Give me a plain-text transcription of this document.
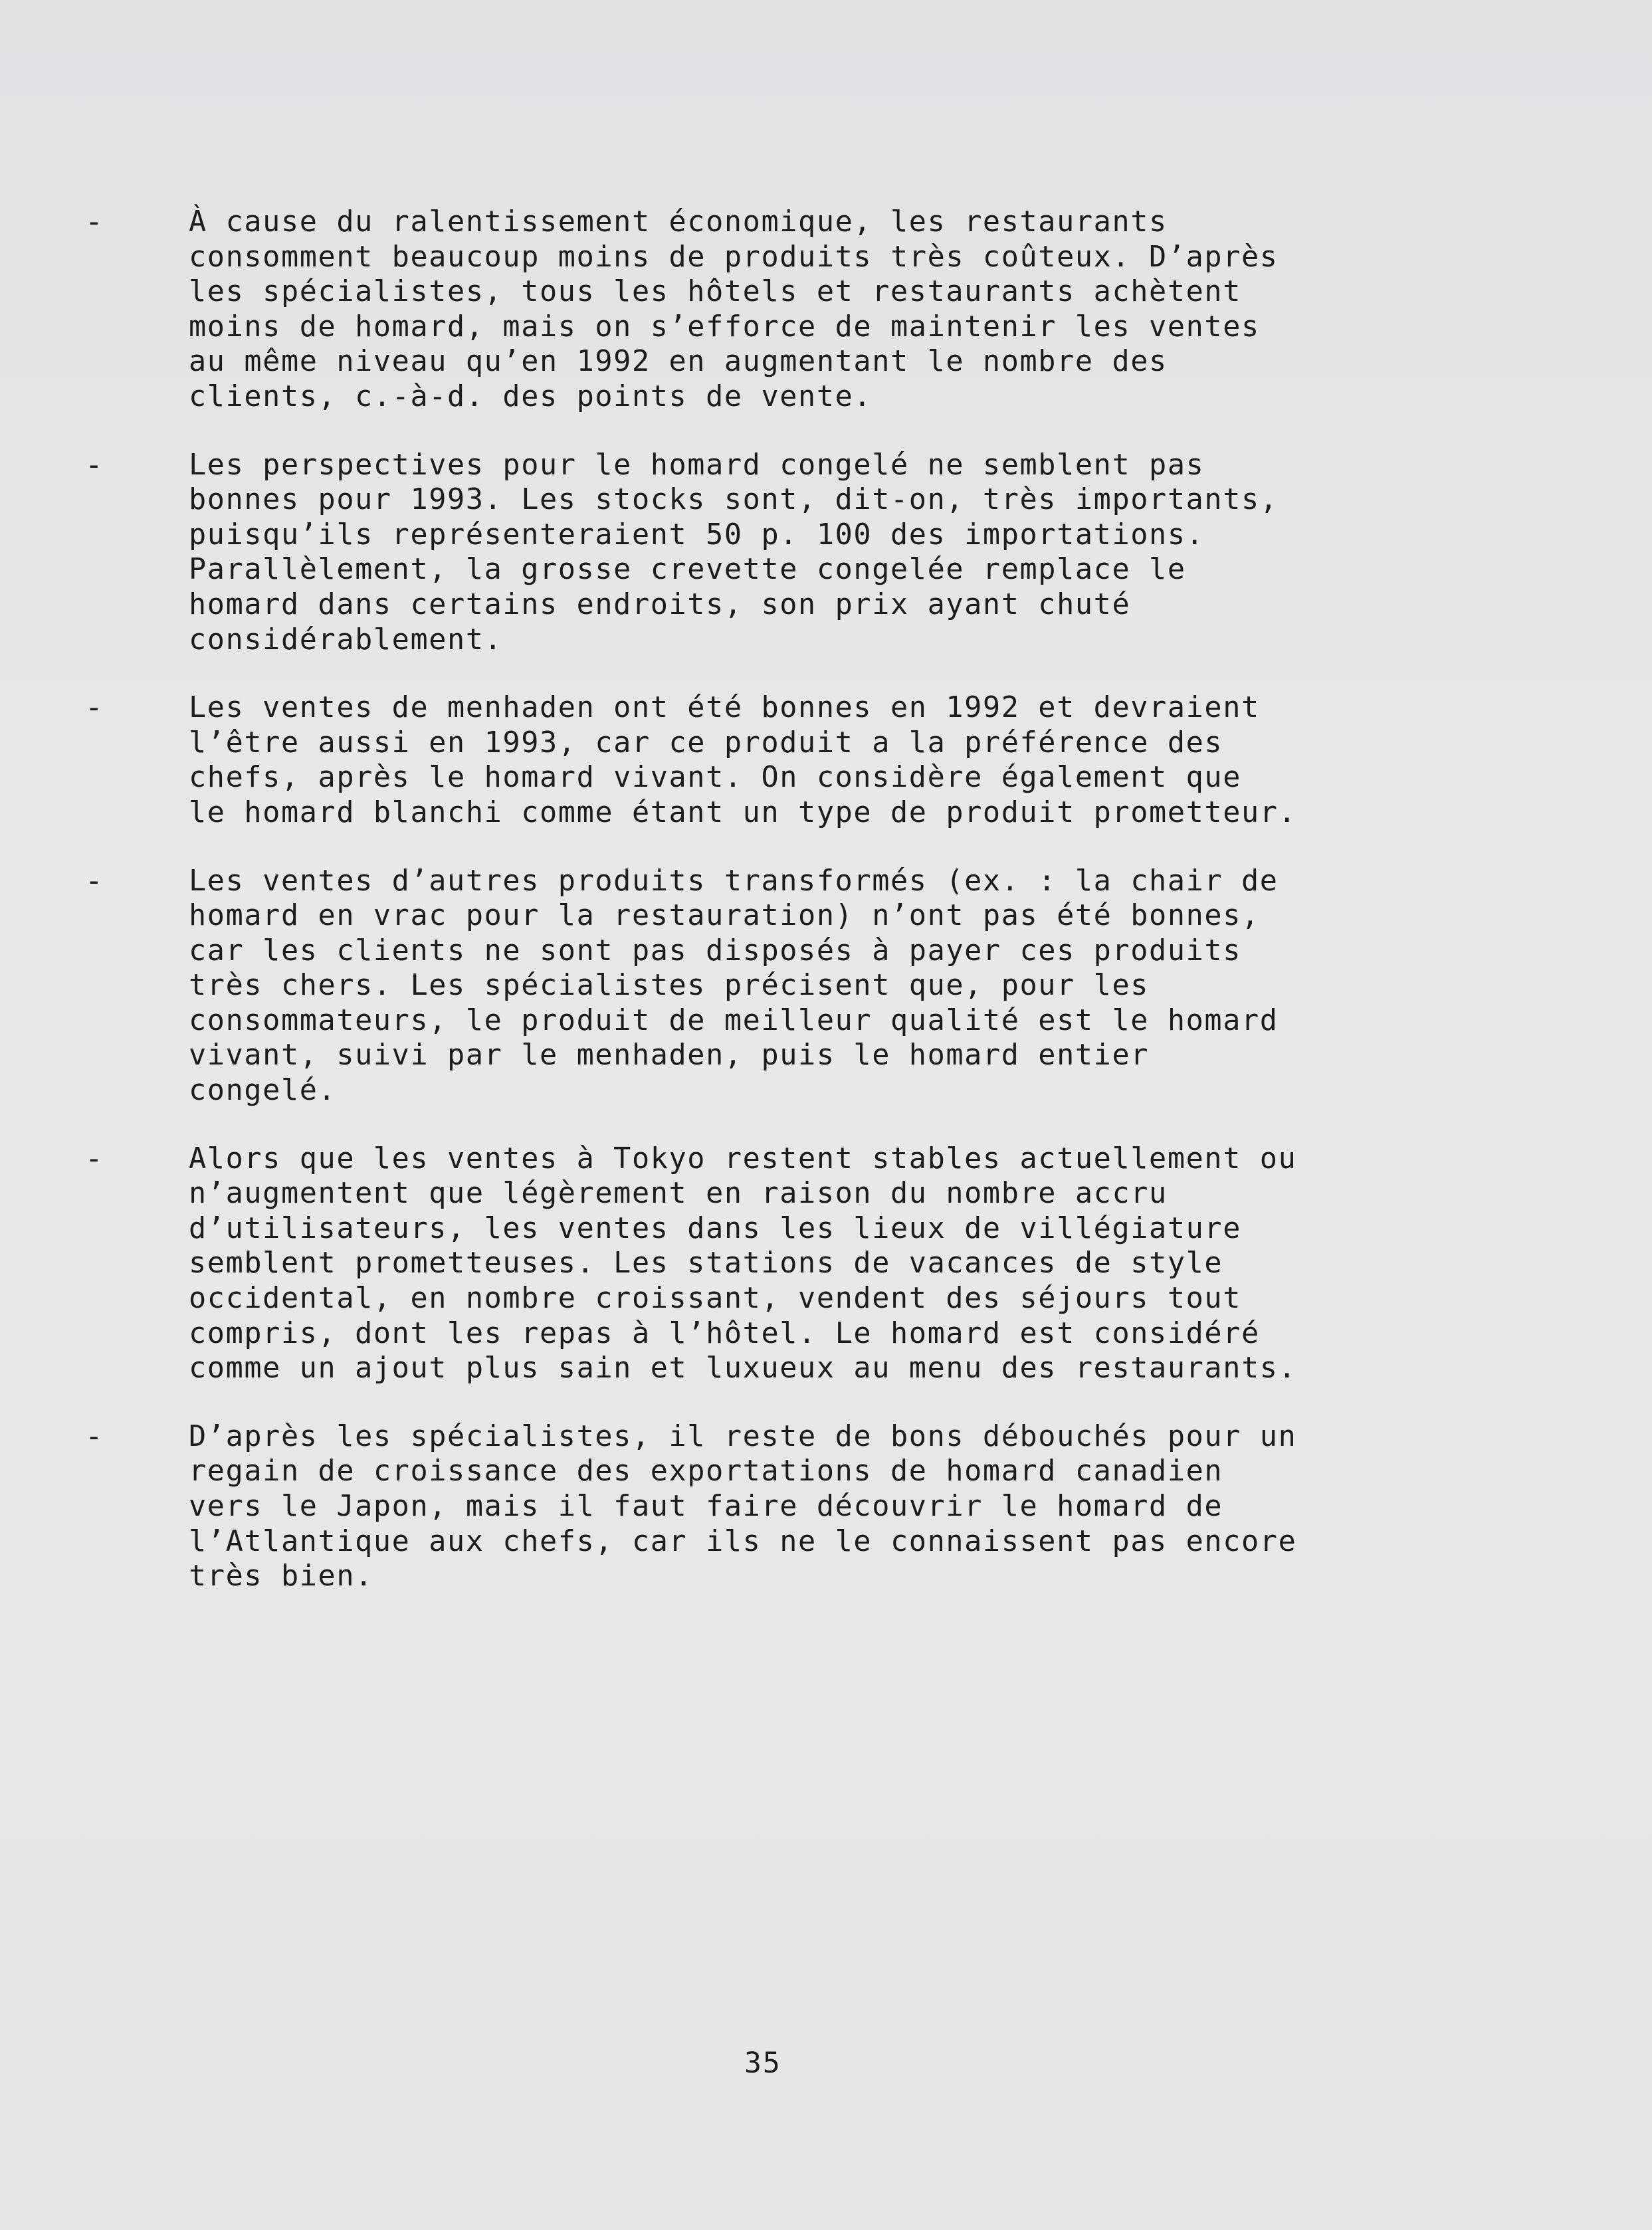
-	À cause du ralentissement économique, les restaurants
consomment beaucoup moins de produits très coûteux. D’après
les spécialistes, tous les hôtels et restaurants achètent
moins de homard, mais on s’efforce de maintenir les ventes
au même niveau qu’en 1992 en augmentant le nombre des
clients, c.-à-d. des points de vente.
-	Les perspectives pour le homard congelé ne semblent pas
bonnes pour 1993. Les stocks sont, dit-on, très importants,
puisqu’ils représenteraient 50 p. 100 des importations.
Parallèlement, la grosse crevette congelée remplace le
homard dans certains endroits, son prix ayant chuté
considérablement.
-	Les ventes de menhaden ont été bonnes en 1992 et devraient
l’être aussi en 1993, car ce produit a la préférence des
chefs, après le homard vivant. On considère également que
le homard blanchi comme étant un type de produit prometteur.
-	Les ventes d’autres produits transformés (ex. : la chair de
homard en vrac pour la restauration) n’ont pas été bonnes,
car les clients ne sont pas disposés à payer ces produits
très chers. Les spécialistes précisent que, pour les
consommateurs, le produit de meilleur qualité est le homard
vivant, suivi par le menhaden, puis le homard entier
congelé.
-	Alors que les ventes à Tokyo restent stables actuellement ou
n’augmentent que légèrement en raison du nombre accru
d’utilisateurs, les ventes dans les lieux de villégiature
semblent prometteuses. Les stations de vacances de style
occidental, en nombre croissant, vendent des séjours tout
compris, dont les repas à l’hôtel. Le homard est considéré
comme un ajout plus sain et luxueux au menu des restaurants.
-	D’après les spécialistes, il reste de bons débouchés pour un
regain de croissance des exportations de homard canadien
vers le Japon, mais il faut faire découvrir le homard de
l’Atlantique aux chefs, car ils ne le connaissent pas encore
très bien.
35
